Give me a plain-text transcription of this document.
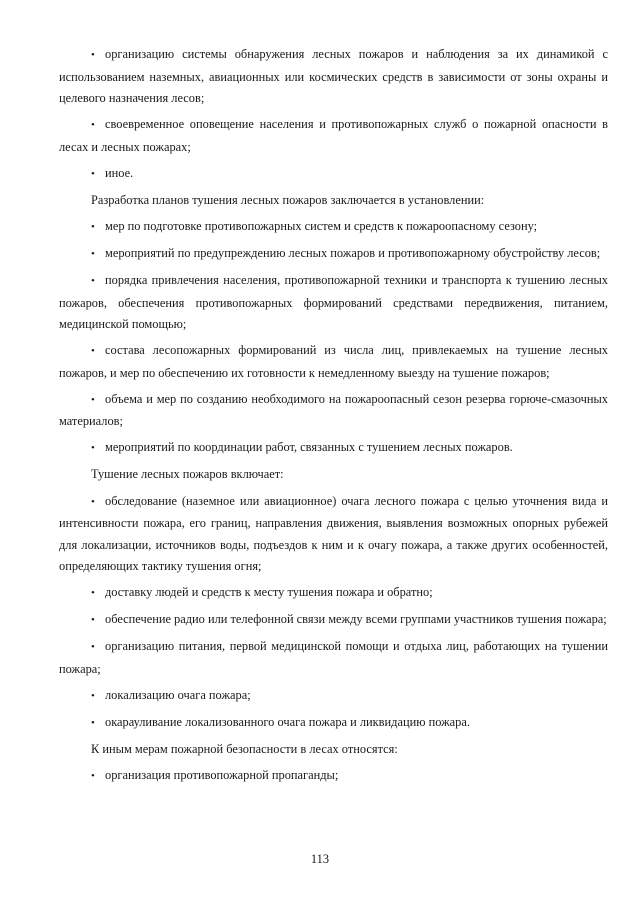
• организацию системы обнаружения лесных пожаров и наблюдения за их динамикой с использованием наземных, авиационных или космических средств в зависимости от зоны охраны и целевого назначения лесов;
• своевременное оповещение населения и противопожарных служб о пожарной опасности в лесах и лесных пожарах;
• иное.
Разработка планов тушения лесных пожаров заключается в установлении:
• мер по подготовке противопожарных систем и средств к пожароопасному сезону;
• мероприятий по предупреждению лесных пожаров и противопожарному обустройству лесов;
• порядка привлечения населения, противопожарной техники и транспорта к тушению лесных пожаров, обеспечения противопожарных формирований средствами передвижения, питанием, медицинской помощью;
• состава лесопожарных формирований из числа лиц, привлекаемых на тушение лесных пожаров, и мер по обеспечению их готовности к немедленному выезду на тушение пожаров;
• объема и мер по созданию необходимого на пожароопасный сезон резерва горюче-смазочных материалов;
• мероприятий по координации работ, связанных с тушением лесных пожаров.
Тушение лесных пожаров включает:
• обследование (наземное или авиационное) очага лесного пожара с целью уточнения вида и интенсивности пожара, его границ, направления движения, выявления возможных опорных рубежей для локализации, источников воды, подъездов к ним и к очагу пожара, а также других особенностей, определяющих тактику тушения огня;
• доставку людей и средств к месту тушения пожара и обратно;
• обеспечение радио или телефонной связи между всеми группами участников тушения пожара;
• организацию питания, первой медицинской помощи и отдыха лиц, работающих на тушении пожара;
• локализацию очага пожара;
• окарауливание локализованного очага пожара и ликвидацию пожара.
К иным мерам пожарной безопасности в лесах относятся:
• организация противопожарной пропаганды;
113
